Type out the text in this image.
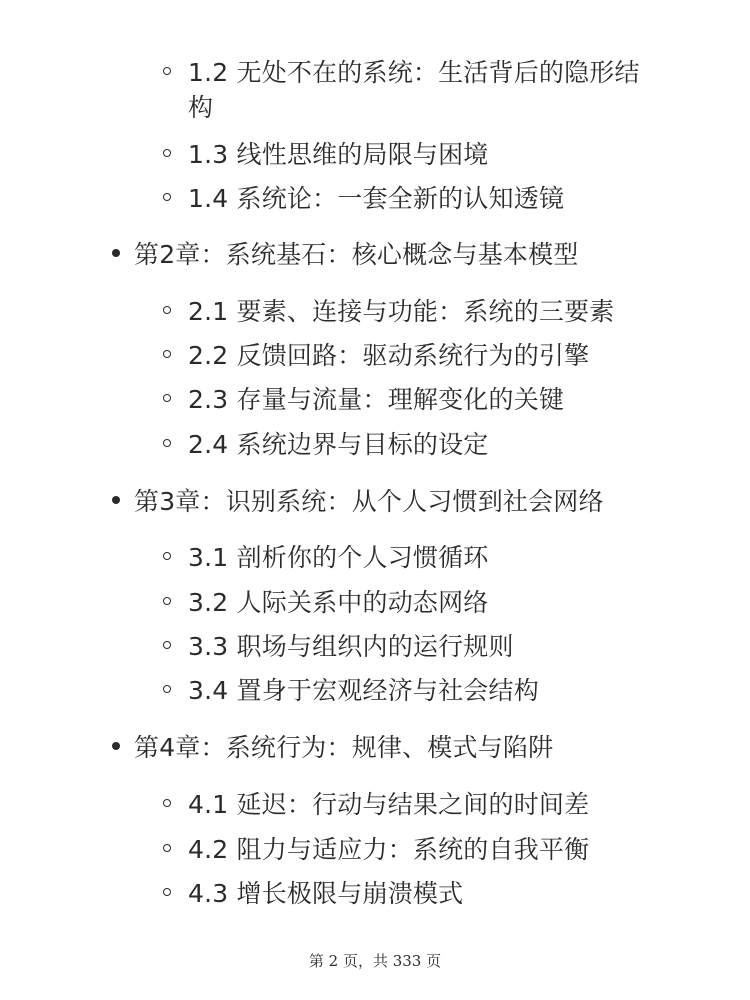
1.2 无处不在的系统：生活背后的隐形结
构
1.3 线性思维的局限与困境
1.4 系统论：一套全新的认知透镜
第2章：系统基石：核心概念与基本模型
2.1 要素、连接与功能：系统的三要素
2.2 反馈回路：驱动系统行为的引擎
2.3 存量与流量：理解变化的关键
2.4 系统边界与目标的设定
第3章：识别系统：从个人习惯到社会网络
3.1 剖析你的个人习惯循环
3.2 人际关系中的动态网络
3.3 职场与组织内的运行规则
3.4 置身于宏观经济与社会结构
第4章：系统行为：规律、模式与陷阱
4.1 延迟：行动与结果之间的时间差
4.2 阻力与适应力：系统的自我平衡
4.3 增长极限与崩溃模式
第 2 页，共 333 页
